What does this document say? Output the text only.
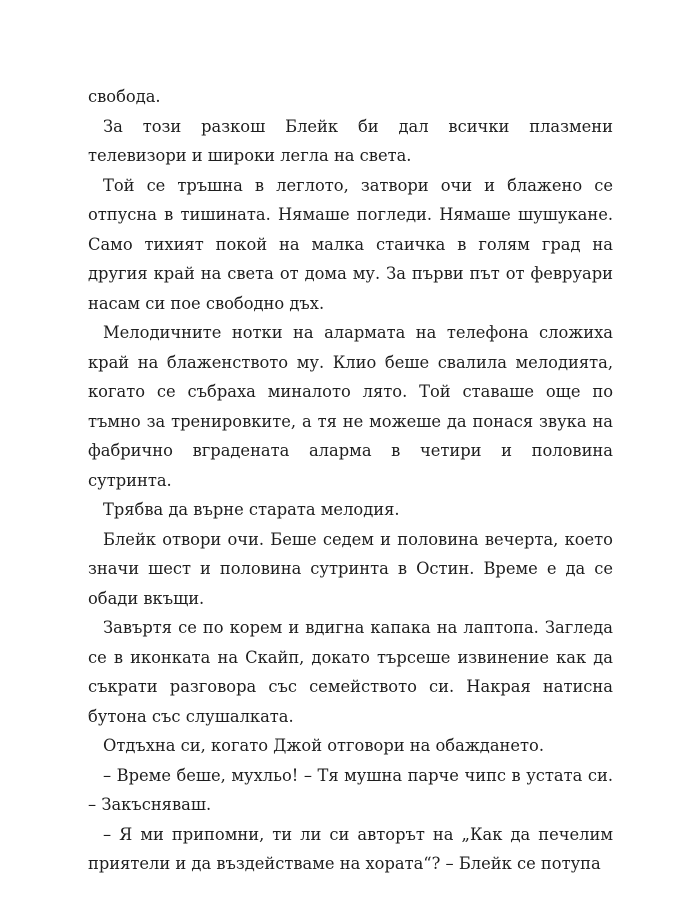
свобода.

За този разкош Блейк би дал всички плазмени телевизори и широки легла на света.

Той се тръшна в леглото, затвори очи и блажено се отпусна в тишината. Нямаше погледи. Нямаше шушукане. Само тихият покой на малка стаичка в голям град на другия край на света от дома му. За първи път от февруари насам си пое свободно дъх.

Мелодичните нотки на алармата на телефона сложиха край на блаженството му. Клио беше свалила мелодията, когато се събраха миналото лято. Той ставаше още по тъмно за тренировките, а тя не можеше да понася звука на фабрично вградената аларма в четири и половина сутринта.

Трябва да върне старата мелодия.

Блейк отвори очи. Беше седем и половина вечерта, което значи шест и половина сутринта в Остин. Време е да се обади вкъщи.

Завъртя се по корем и вдигна капака на лаптопа. Загледа се в иконката на Скайп, докато търсеше извинение как да съкрати разговора със семейството си. Накрая натисна бутона със слушалката.

Отдъхна си, когато Джой отговори на обаждането.

– Време беше, мухльо! – Тя мушна парче чипс в устата си. – Закъсняваш.

– Я ми припомни, ти ли си авторът на „Как да печелим приятели и да въздействаме на хората“? – Блейк се потупа
